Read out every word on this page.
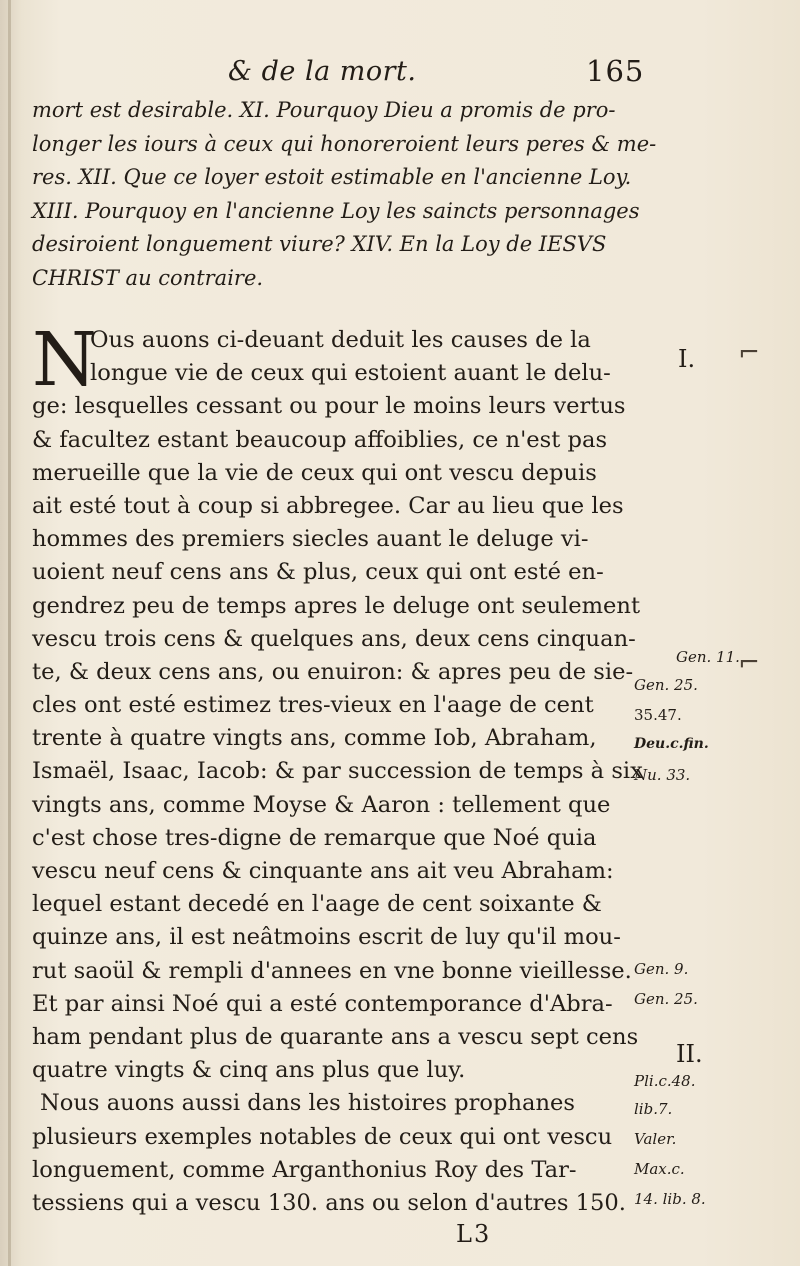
& de la mort.	165
mort est desirable. XI. Pourquoy Dieu a promis de pro-
longer les iours à ceux qui honoreroient leurs peres & me-
res. XII. Que ce loyer estoit estimable en l'ancienne Loy.
XIII. Pourquoy en l'ancienne Loy les saincts personnages
desiroient longuement viure? XIV. En la Loy de IESVS
CHRIST au contraire.
N
Ous auons ci-deuant deduit les causes de la
longue vie de ceux qui estoient auant le delu-
ge: lesquelles cessant ou pour le moins leurs vertus
& facultez estant beaucoup affoiblies, ce n'est pas
merueille que la vie de ceux qui ont vescu depuis
ait esté tout à coup si abbregee. Car au lieu que les
hommes des premiers siecles auant le deluge vi-
uoient neuf cens ans & plus, ceux qui ont esté en-
gendrez peu de temps apres le deluge ont seulement
vescu trois cens & quelques ans, deux cens cinquan-
te, & deux cens ans, ou enuiron: & apres peu de sie-
cles ont esté estimez tres-vieux en l'aage de cent
trente à quatre vingts ans, comme Iob, Abraham,
Ismaël, Isaac, Iacob: & par succession de temps à six
vingts ans, comme Moyse & Aaron : tellement que
c'est chose tres-digne de remarque que Noé quia
vescu neuf cens & cinquante ans ait veu Abraham:
lequel estant decedé en l'aage de cent soixante &
quinze ans, il est neâtmoins escrit de luy qu'il mou-
rut saoül & rempli d'annees en vne bonne vieillesse.
Et par ainsi Noé qui a esté contemporance d'Abra-
ham pendant plus de quarante ans a vescu sept cens
quatre vingts & cinq ans plus que luy.
Nous auons aussi dans les histoires prophanes
plusieurs exemples notables de ceux qui ont vescu
longuement, comme Arganthonius Roy des Tar-
tessiens qui a vescu 130. ans ou selon d'autres 150.
I.
Gen. 11.
Gen. 25.
35.47.
Deu.c.fin.
Nu. 33.
Gen. 9.
Gen. 25.
II.
Pli.c.48.
lib.7.
Valer.
Max.c.
14. lib. 8.
⌐
⌐
L3
